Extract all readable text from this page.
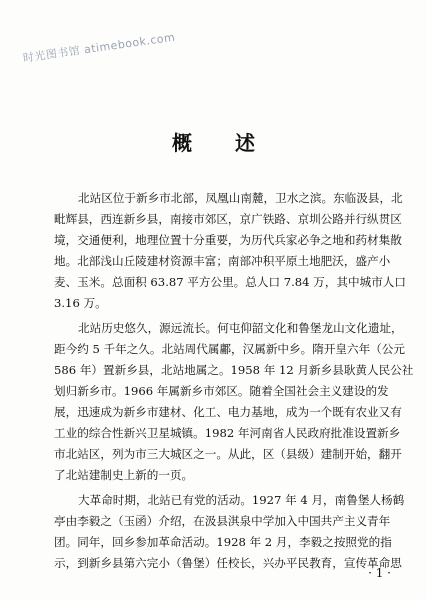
时光图书馆 atimebook.com
概 述
北站区位于新乡市北部，凤凰山南麓，卫水之滨。东临汲县，北
毗辉县，西连新乡县，南接市郊区，京广铁路、京圳公路并行纵贯区
境，交通便利，地理位置十分重要，为历代兵家必争之地和药材集散
地。北部浅山丘陵建材资源丰富；南部冲积平原土地肥沃，盛产小
麦、玉米。总面积 63.87 平方公里。总人口 7.84 万，其中城市人口
3.16 万。
北站历史悠久，源远流长。何屯仰韶文化和鲁堡龙山文化遗址，
距今约 5 千年之久。北站周代属鄘，汉属新中乡。隋开皇六年（公元
586 年）置新乡县，北站地属之。1958 年 12 月新乡县耿黄人民公社
划归新乡市。1966 年属新乡市郊区。随着全国社会主义建设的发
展，迅速成为新乡市建材、化工、电力基地，成为一个既有农业又有
工业的综合性新兴卫星城镇。1982 年河南省人民政府批准设置新乡
市北站区，列为市三大城区之一。从此，区（县级）建制开始，翻开
了北站建制史上新的一页。
大革命时期，北站已有党的活动。1927 年 4 月，南鲁堡人杨鹤
亭由李毅之（玉函）介绍，在汲县淇泉中学加入中国共产主义青年
团。同年，回乡参加革命活动。1928 年 2 月，李毅之按照党的指
示，到新乡县第六完小（鲁堡）任校长，兴办平民教育，宣传革命思
· 1 ·
